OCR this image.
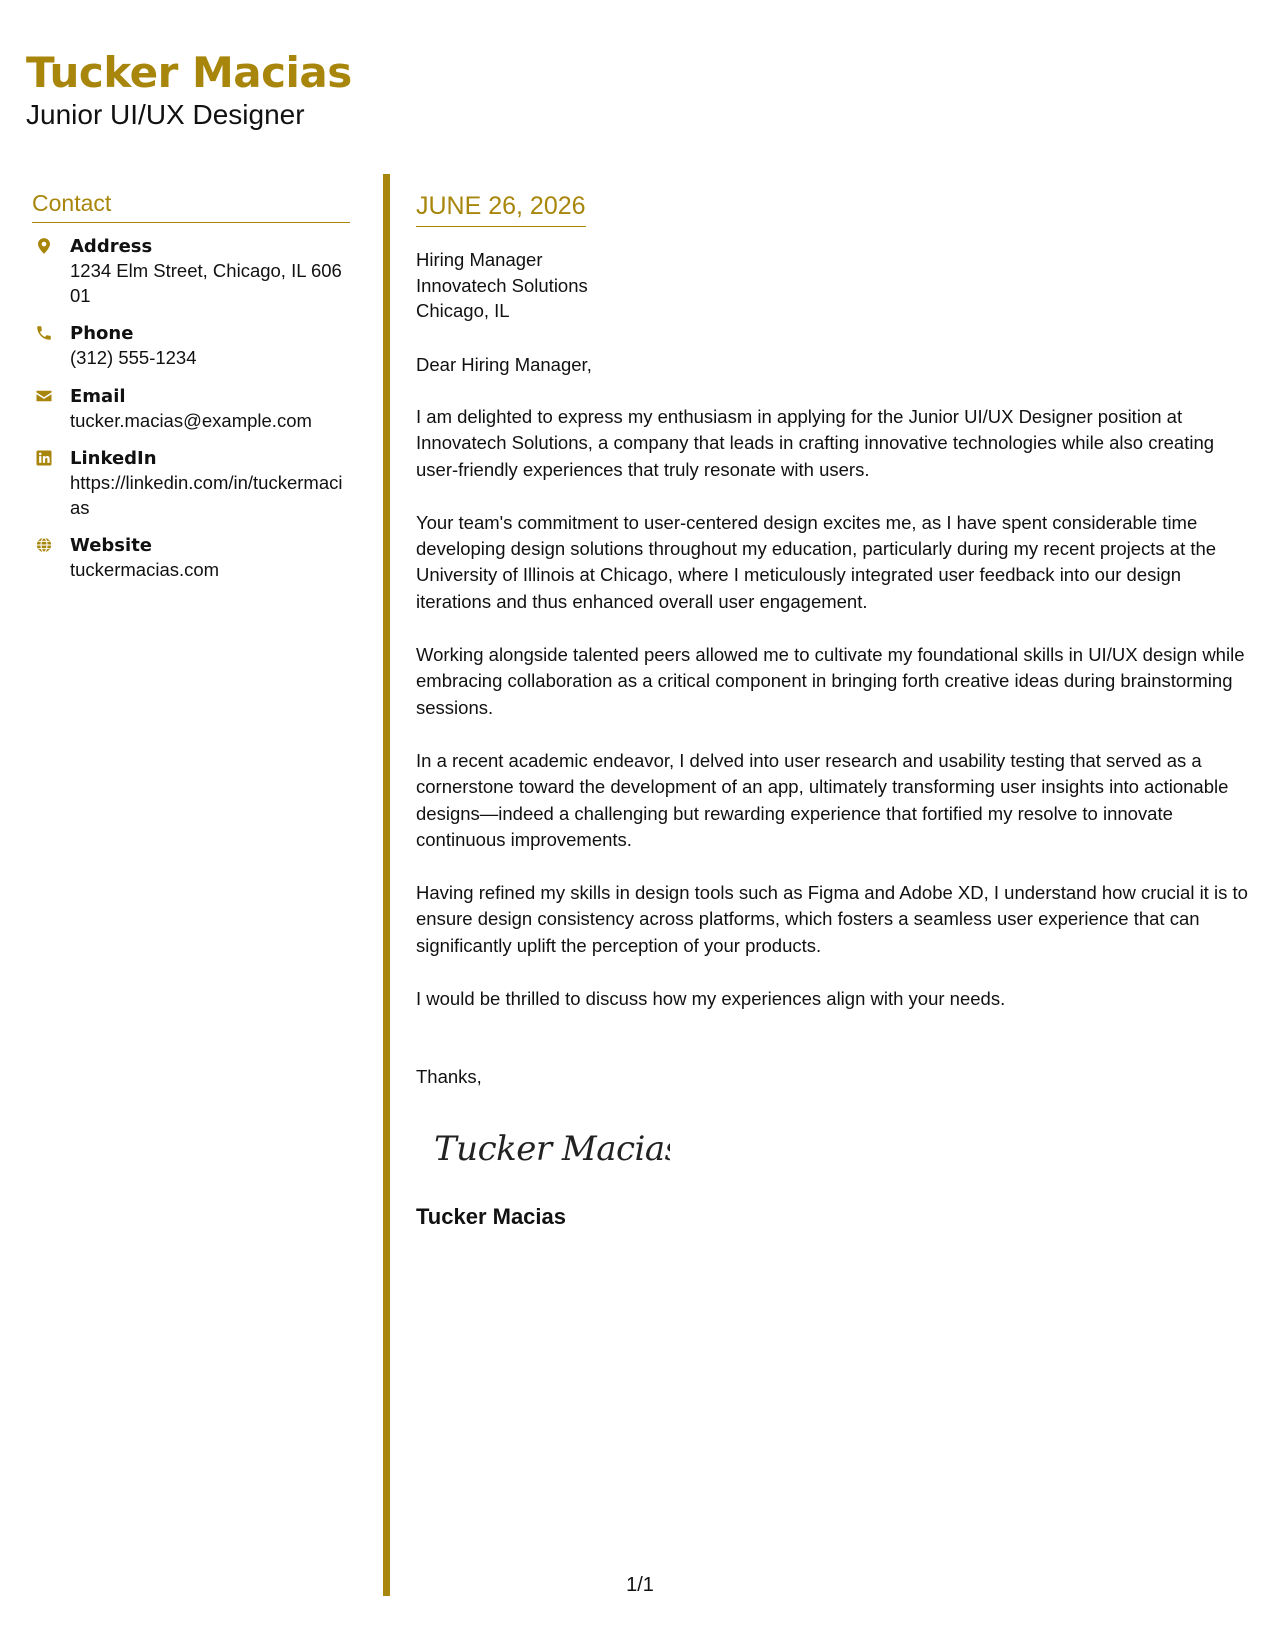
Tucker Macias
Junior UI/UX Designer
Contact
Address
1234 Elm Street, Chicago, IL 60601
Phone
(312) 555-1234
Email
tucker.macias@example.com
LinkedIn
https://linkedin.com/in/tuckermacias
Website
tuckermacias.com
JUNE 26, 2026
Hiring Manager
Innovatech Solutions
Chicago, IL
Dear Hiring Manager,
I am delighted to express my enthusiasm in applying for the Junior UI/UX Designer position at Innovatech Solutions, a company that leads in crafting innovative technologies while also creating user-friendly experiences that truly resonate with users.
Your team's commitment to user-centered design excites me, as I have spent considerable time developing design solutions throughout my education, particularly during my recent projects at the University of Illinois at Chicago, where I meticulously integrated user feedback into our design iterations and thus enhanced overall user engagement.
Working alongside talented peers allowed me to cultivate my foundational skills in UI/UX design while embracing collaboration as a critical component in bringing forth creative ideas during brainstorming sessions.
In a recent academic endeavor, I delved into user research and usability testing that served as a cornerstone toward the development of an app, ultimately transforming user insights into actionable designs—indeed a challenging but rewarding experience that fortified my resolve to innovate continuous improvements.
Having refined my skills in design tools such as Figma and Adobe XD, I understand how crucial it is to ensure design consistency across platforms, which fosters a seamless user experience that can significantly uplift the perception of your products.
I would be thrilled to discuss how my experiences align with your needs.
Thanks,
Tucker Macias
Tucker Macias
1/1
